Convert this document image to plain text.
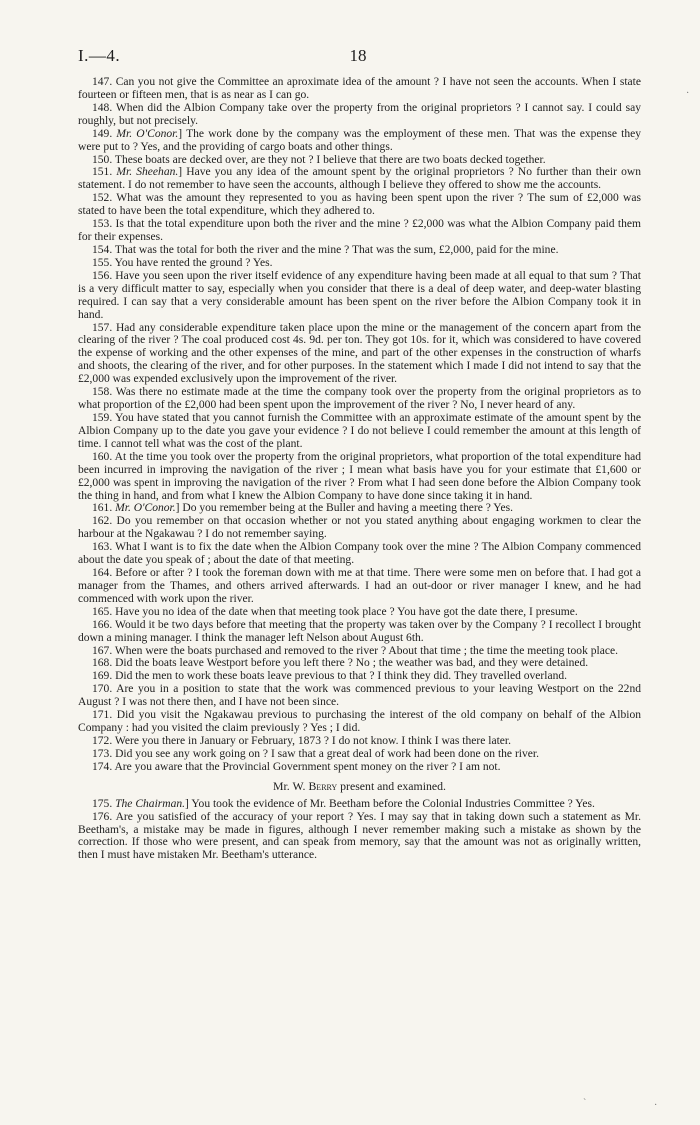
I.—4.	18
·
`	·

147. Can you not give the Committee an aproximate idea of the amount ? I have not seen the accounts. When I state fourteen or fifteen men, that is as near as I can go.

148. When did the Albion Company take over the property from the original proprietors ? I cannot say. I could say roughly, but not precisely.

149. Mr. O'Conor.] The work done by the company was the employment of these men. That was the expense they were put to ? Yes, and the providing of cargo boats and other things.

150. These boats are decked over, are they not ? I believe that there are two boats decked together.

151. Mr. Sheehan.] Have you any idea of the amount spent by the original proprietors ? No further than their own statement. I do not remember to have seen the accounts, although I believe they offered to show me the accounts.

152. What was the amount they represented to you as having been spent upon the river ? The sum of £2,000 was stated to have been the total expenditure, which they adhered to.

153. Is that the total expenditure upon both the river and the mine ? £2,000 was what the Albion Company paid them for their expenses.

154. That was the total for both the river and the mine ? That was the sum, £2,000, paid for the mine.

155. You have rented the ground ? Yes.

156. Have you seen upon the river itself evidence of any expenditure having been made at all equal to that sum ? That is a very difficult matter to say, especially when you consider that there is a deal of deep water, and deep-water blasting required. I can say that a very considerable amount has been spent on the river before the Albion Company took it in hand.

157. Had any considerable expenditure taken place upon the mine or the management of the concern apart from the clearing of the river ? The coal produced cost 4s. 9d. per ton. They got 10s. for it, which was considered to have covered the expense of working and the other expenses of the mine, and part of the other expenses in the construction of wharfs and shoots, the clearing of the river, and for other purposes. In the statement which I made I did not intend to say that the £2,000 was expended exclusively upon the improvement of the river.

158. Was there no estimate made at the time the company took over the property from the original proprietors as to what proportion of the £2,000 had been spent upon the improvement of the river ? No, I never heard of any.

159. You have stated that you cannot furnish the Committee with an approximate estimate of the amount spent by the Albion Company up to the date you gave your evidence ? I do not believe I could remember the amount at this length of time. I cannot tell what was the cost of the plant.

160. At the time you took over the property from the original proprietors, what proportion of the total expenditure had been incurred in improving the navigation of the river ; I mean what basis have you for your estimate that £1,600 or £2,000 was spent in improving the navigation of the river ? From what I had seen done before the Albion Company took the thing in hand, and from what I knew the Albion Company to have done since taking it in hand.

161. Mr. O'Conor.] Do you remember being at the Buller and having a meeting there ? Yes.

162. Do you remember on that occasion whether or not you stated anything about engaging workmen to clear the harbour at the Ngakawau ? I do not remember saying.

163. What I want is to fix the date when the Albion Company took over the mine ? The Albion Company commenced about the date you speak of ; about the date of that meeting.

164. Before or after ? I took the foreman down with me at that time. There were some men on before that. I had got a manager from the Thames, and others arrived afterwards. I had an out-door or river manager I knew, and he had commenced with work upon the river.

165. Have you no idea of the date when that meeting took place ? You have got the date there, I presume.

166. Would it be two days before that meeting that the property was taken over by the Company ? I recollect I brought down a mining manager. I think the manager left Nelson about August 6th.

167. When were the boats purchased and removed to the river ? About that time ; the time the meeting took place.

168. Did the boats leave Westport before you left there ? No ; the weather was bad, and they were detained.

169. Did the men to work these boats leave previous to that ? I think they did. They travelled overland.

170. Are you in a position to state that the work was commenced previous to your leaving Westport on the 22nd August ? I was not there then, and I have not been since.

171. Did you visit the Ngakawau previous to purchasing the interest of the old company on behalf of the Albion Company : had you visited the claim previously ? Yes ; I did.

172. Were you there in January or February, 1873 ? I do not know. I think I was there later.

173. Did you see any work going on ? I saw that a great deal of work had been done on the river.

174. Are you aware that the Provincial Government spent money on the river ? I am not.

Mr. W. Berry present and examined.

175. The Chairman.] You took the evidence of Mr. Beetham before the Colonial Industries Committee ? Yes.

176. Are you satisfied of the accuracy of your report ? Yes. I may say that in taking down such a statement as Mr. Beetham's, a mistake may be made in figures, although I never remember making such a mistake as shown by the correction. If those who were present, and can speak from memory, say that the amount was not as originally written, then I must have mistaken Mr. Beetham's utterance.
